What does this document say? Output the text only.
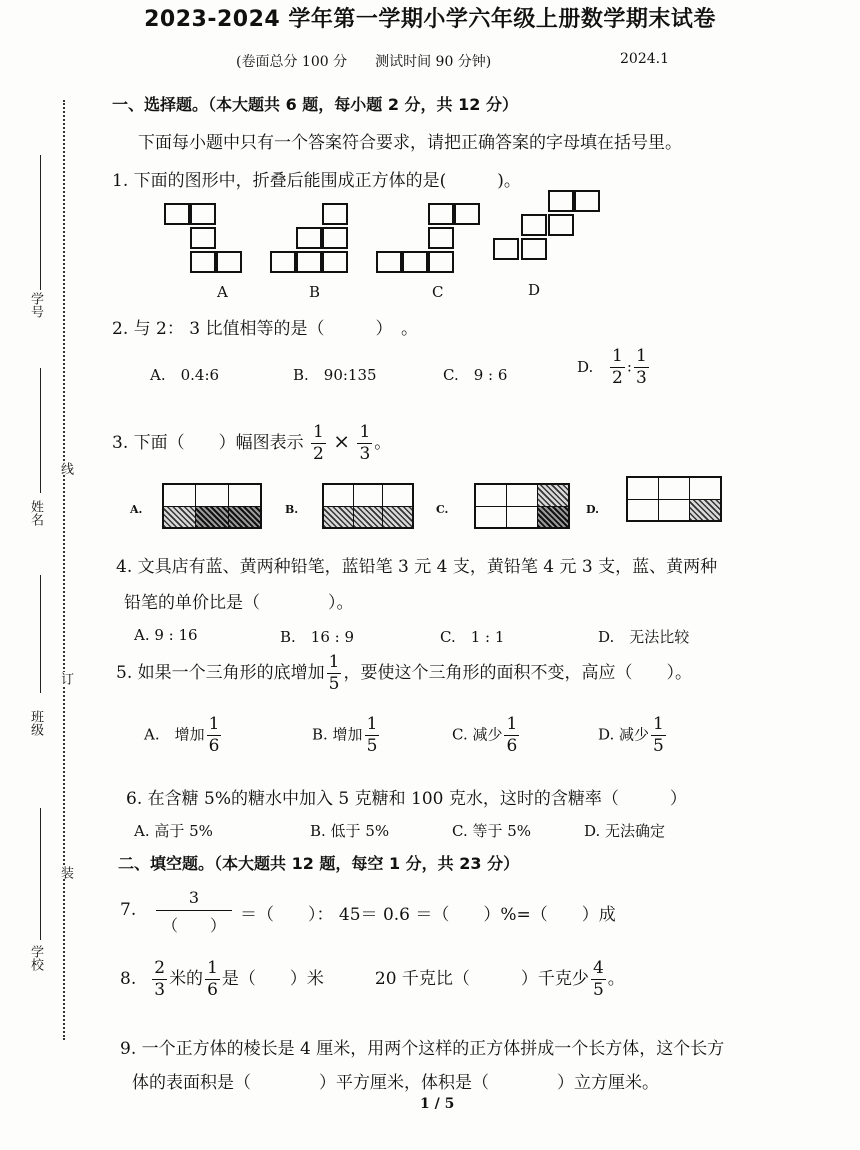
学号
姓名
线
订
班级
装
学校
2023-2024 学年第一学期小学六年级上册数学期末试卷
(卷面总分 100 分　　测试时间 90 分钟)	2024.1
一、选择题。（本大题共 6 题，每小题 2 分，共 12 分）
下面每小题中只有一个答案符合要求，请把正确答案的字母填在括号里。
1. 下面的图形中，折叠后能围成正方体的是(　　　)。
A	B	C	D
2. 与 2： 3 比值相等的是（　　　）　。
A.　0.4:6	B.　90:135	C.　9 : 6	D. $\frac{1}{2}$ : $\frac{1}{3}$
3. 下面（　　）幅图表示 $\frac{1}{2} \times \frac{1}{3}$ 。
A.	B.	C.	D.
4. 文具店有蓝、黄两种铅笔，蓝铅笔 3 元 4 支，黄铅笔 4 元 3 支，蓝、黄两种
铅笔的单价比是（　　　　）。
A. 9 : 16	B.　16 : 9	C.　1 : 1	D.　无法比较
5. 如果一个三角形的底增加 $\frac{1}{5}$ ，要使这个三角形的面积不变，高应（　　）。
A.　增加 $\frac{1}{6}$	B. 增加 $\frac{1}{5}$	C. 减少 $\frac{1}{6}$	D. 减少 $\frac{1}{5}$
6. 在含糖 5%的糖水中加入 5 克糖和 100 克水，这时的含糖率（　　　）
A. 高于 5%	B. 低于 5%	C. 等于 5%	D. 无法确定
二、填空题。（本大题共 12 题，每空 1 分，共 23 分）
7.
3
（　　）
＝（　　）： 45＝ 0.6 ＝（　　）%=（　　）成
8. $\frac{2}{3}$ 米的 $\frac{1}{6}$ 是（　　）米　　　20 千克比（　　　）千克少 $\frac{4}{5}$ 。
9. 一个正方体的棱长是 4 厘米，用两个这样的正方体拼成一个长方体，这个长方
体的表面积是（　　　　）平方厘米，体积是（　　　　）立方厘米。
1 / 5
